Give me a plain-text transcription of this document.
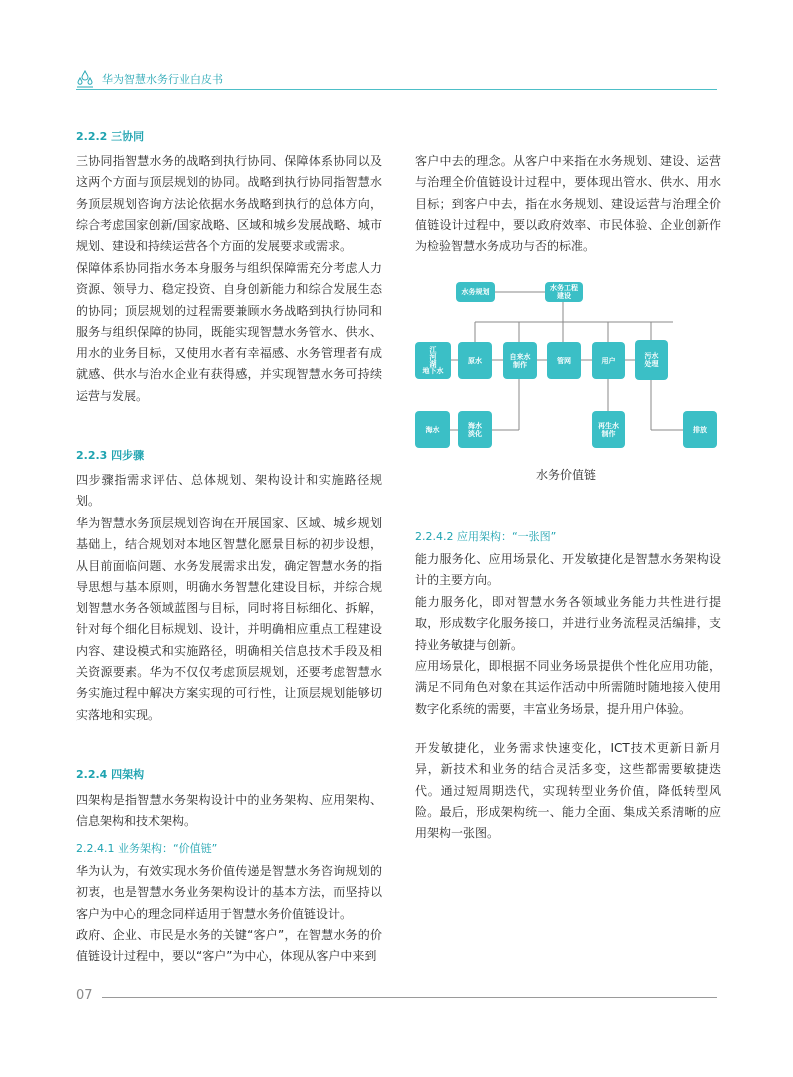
华为智慧水务行业白皮书
2.2.2 三协同
三协同指智慧水务的战略到执行协同、保障体系协同以及这两个方面与顶层规划的协同。战略到执行协同指智慧水务顶层规划咨询方法论依据水务战略到执行的总体方向，综合考虑国家创新/国家战略、区域和城乡发展战略、城市规划、建设和持续运营各个方面的发展要求或需求。
保障体系协同指水务本身服务与组织保障需充分考虑人力资源、领导力、稳定投资、自身创新能力和综合发展生态的协同；顶层规划的过程需要兼顾水务战略到执行协同和服务与组织保障的协同，既能实现智慧水务管水、供水、用水的业务目标，又使用水者有幸福感、水务管理者有成就感、供水与治水企业有获得感，并实现智慧水务可持续运营与发展。
2.2.3 四步骤
四步骤指需求评估、总体规划、架构设计和实施路径规划。
华为智慧水务顶层规划咨询在开展国家、区域、城乡规划基础上，结合规划对本地区智慧化愿景目标的初步设想，从目前面临问题、水务发展需求出发，确定智慧水务的指导思想与基本原则，明确水务智慧化建设目标，并综合规划智慧水务各领域蓝图与目标，同时将目标细化、拆解，针对每个细化目标规划、设计，并明确相应重点工程建设内容、建设模式和实施路径，明确相关信息技术手段及相关资源要素。华为不仅仅考虑顶层规划，还要考虑智慧水务实施过程中解决方案实现的可行性，让顶层规划能够切实落地和实现。
2.2.4 四架构
四架构是指智慧水务架构设计中的业务架构、应用架构、信息架构和技术架构。
2.2.4.1 业务架构：“价值链”
华为认为，有效实现水务价值传递是智慧水务咨询规划的初衷，也是智慧水务业务架构设计的基本方法，而坚持以客户为中心的理念同样适用于智慧水务价值链设计。
政府、企业、市民是水务的关键“客户”，在智慧水务的价值链设计过程中，要以“客户”为中心，体现从客户中来到
客户中去的理念。从客户中来指在水务规划、建设、运营与治理全价值链设计过程中，要体现出管水、供水、用水目标；到客户中去，指在水务规划、建设运营与治理全价值链设计过程中，要以政府效率、市民体验、企业创新作为检验智慧水务成功与否的标准。
水务规划	水务工程
建设
江
河
湖
地下水
原水	自来水
制作	管网	用户
污水
处理
海水	海水
淡化
再生水
制作	排放
水务价值链
2.2.4.2 应用架构：“一张图”
能力服务化、应用场景化、开发敏捷化是智慧水务架构设计的主要方向。
能力服务化，即对智慧水务各领域业务能力共性进行提取，形成数字化服务接口，并进行业务流程灵活编排，支持业务敏捷与创新。
应用场景化，即根据不同业务场景提供个性化应用功能，满足不同角色对象在其运作活动中所需随时随地接入使用数字化系统的需要，丰富业务场景，提升用户体验。
开发敏捷化，业务需求快速变化，ICT技术更新日新月异，新技术和业务的结合灵活多变，这些都需要敏捷迭代。通过短周期迭代，实现转型业务价值，降低转型风险。最后，形成架构统一、能力全面、集成关系清晰的应用架构一张图。
07
